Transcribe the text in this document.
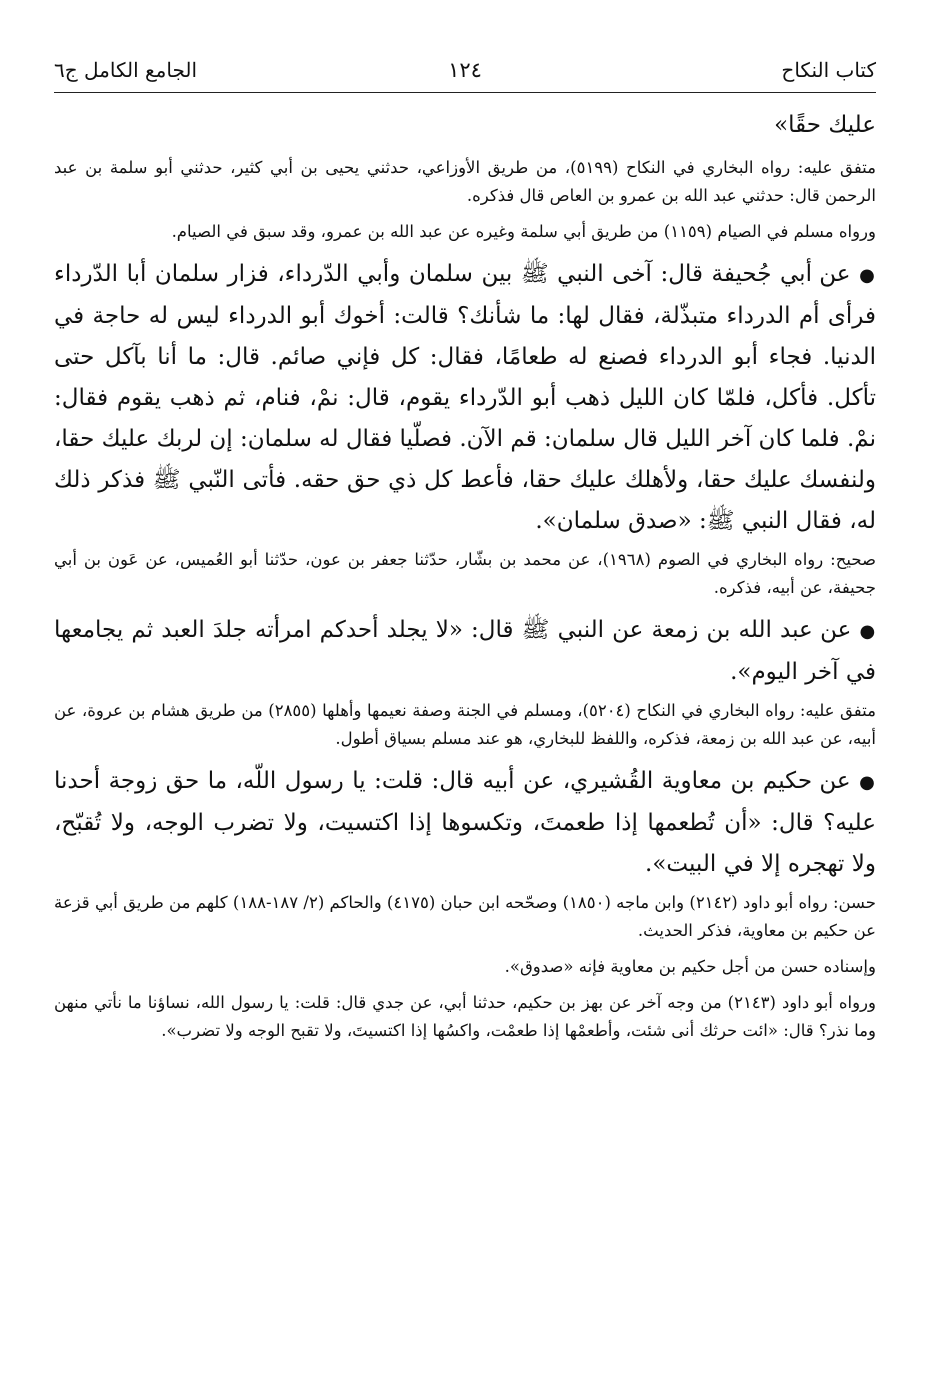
كتاب النكاح
١٢٤
الجامع الكامل ج٦

عليك حقًا»

متفق عليه: رواه البخاري في النكاح (٥١٩٩)، من طريق الأوزاعي، حدثني يحيى بن أبي كثير، حدثني أبو سلمة بن عبد الرحمن قال: حدثني عبد الله بن عمرو بن العاص قال فذكره.

ورواه مسلم في الصيام (١١٥٩) من طريق أبي سلمة وغيره عن عبد الله بن عمرو، وقد سبق في الصيام.

● عن أبي جُحيفة قال: آخى النبي ﷺ بين سلمان وأبي الدّرداء، فزار سلمان أبا الدّرداء فرأى أم الدرداء متبذّلة، فقال لها: ما شأنك؟ قالت: أخوك أبو الدرداء ليس له حاجة في الدنيا. فجاء أبو الدرداء فصنع له طعامًا، فقال: كل فإني صائم. قال: ما أنا بآكل حتى تأكل. فأكل، فلمّا كان الليل ذهب أبو الدّرداء يقوم، قال: نمْ، فنام، ثم ذهب يقوم فقال: نمْ. فلما كان آخر الليل قال سلمان: قم الآن. فصلّيا فقال له سلمان: إن لربك عليك حقا، ولنفسك عليك حقا، ولأهلك عليك حقا، فأعط كل ذي حق حقه. فأتى النّبي ﷺ فذكر ذلك له، فقال النبي ﷺ: «صدق سلمان».

صحيح: رواه البخاري في الصوم (١٩٦٨)، عن محمد بن بشّار، حدّثنا جعفر بن عون، حدّثنا أبو العُميس، عن عَون بن أبي جحيفة، عن أبيه، فذكره.

● عن عبد الله بن زمعة عن النبي ﷺ قال: «لا يجلد أحدكم امرأته جلدَ العبد ثم يجامعها في آخر اليوم».

متفق عليه: رواه البخاري في النكاح (٥٢٠٤)، ومسلم في الجنة وصفة نعيمها وأهلها (٢٨٥٥) من طريق هشام بن عروة، عن أبيه، عن عبد الله بن زمعة، فذكره، واللفظ للبخاري، هو عند مسلم بسياق أطول.

● عن حكيم بن معاوية القُشيري، عن أبيه قال: قلت: يا رسول اللّه، ما حق زوجة أحدنا عليه؟ قال: «أن تُطعمها إذا طعمتَ، وتكسوها إذا اكتسيت، ولا تضرب الوجه، ولا تُقبّح، ولا تهجره إلا في البيت».

حسن: رواه أبو داود (٢١٤٢) وابن ماجه (١٨٥٠) وصحّحه ابن حبان (٤١٧٥) والحاكم (٢/ ١٨٧-١٨٨) كلهم من طريق أبي قزعة عن حكيم بن معاوية، فذكر الحديث.

وإسناده حسن من أجل حكيم بن معاوية فإنه «صدوق».

ورواه أبو داود (٢١٤٣) من وجه آخر عن بهز بن حكيم، حدثنا أبي، عن جدي قال: قلت: يا رسول الله، نساؤنا ما نأتي منهن وما نذر؟ قال: «ائت حرثك أنى شئت، وأطعمْها إذا طعمْت، واكسُها إذا اكتسيتَ، ولا تقبح الوجه ولا تضرب».
